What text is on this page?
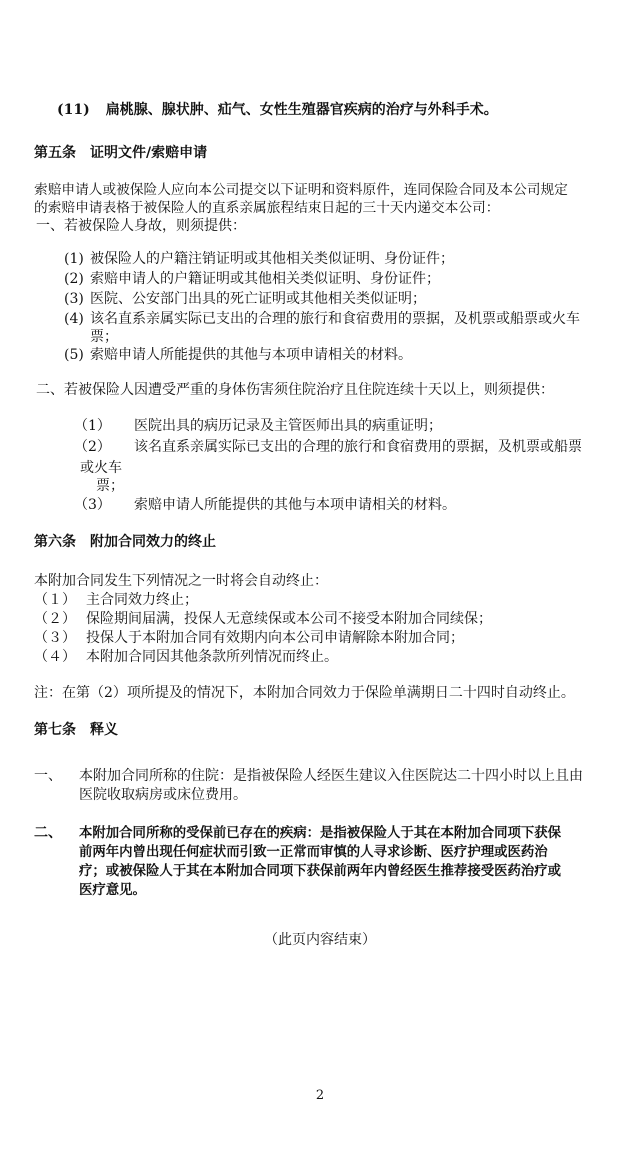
(11) 扁桃腺、腺状肿、疝气、女性生殖器官疾病的治疗与外科手术。
第五条　证明文件/索赔申请
索赔申请人或被保险人应向本公司提交以下证明和资料原件，连同保险合同及本公司规定
的索赔申请表格于被保险人的直系亲属旅程结束日起的三十天内递交本公司：
一、若被保险人身故，则须提供：
(1) 被保险人的户籍注销证明或其他相关类似证明、身份证件；
(2) 索赔申请人的户籍证明或其他相关类似证明、身份证件；
(3) 医院、公安部门出具的死亡证明或其他相关类似证明；
(4) 该名直系亲属实际已支出的合理的旅行和食宿费用的票据，及机票或船票或火车
票；
(5) 索赔申请人所能提供的其他与本项申请相关的材料。
二、若被保险人因遭受严重的身体伤害须住院治疗且住院连续十天以上，则须提供：
（1） 医院出具的病历记录及主管医师出具的病重证明；
（2） 该名直系亲属实际已支出的合理的旅行和食宿费用的票据，及机票或船票
或火车
票；
（3） 索赔申请人所能提供的其他与本项申请相关的材料。
第六条　附加合同效力的终止
本附加合同发生下列情况之一时将会自动终止：
（１） 主合同效力终止；
（２） 保险期间届满，投保人无意续保或本公司不接受本附加合同续保；
（３） 投保人于本附加合同有效期内向本公司申请解除本附加合同；
（４） 本附加合同因其他条款所列情况而终止。
注：在第（2）项所提及的情况下，本附加合同效力于保险单满期日二十四时自动终止。
第七条　释义
一、 本附加合同所称的住院：是指被保险人经医生建议入住医院达二十四小时以上且由
医院收取病房或床位费用。
二、 本附加合同所称的受保前已存在的疾病：是指被保险人于其在本附加合同项下获保
前两年内曾出现任何症状而引致一正常而审慎的人寻求诊断、医疗护理或医药治
疗；或被保险人于其在本附加合同项下获保前两年内曾经医生推荐接受医药治疗或
医疗意见。
（此页内容结束）
2
